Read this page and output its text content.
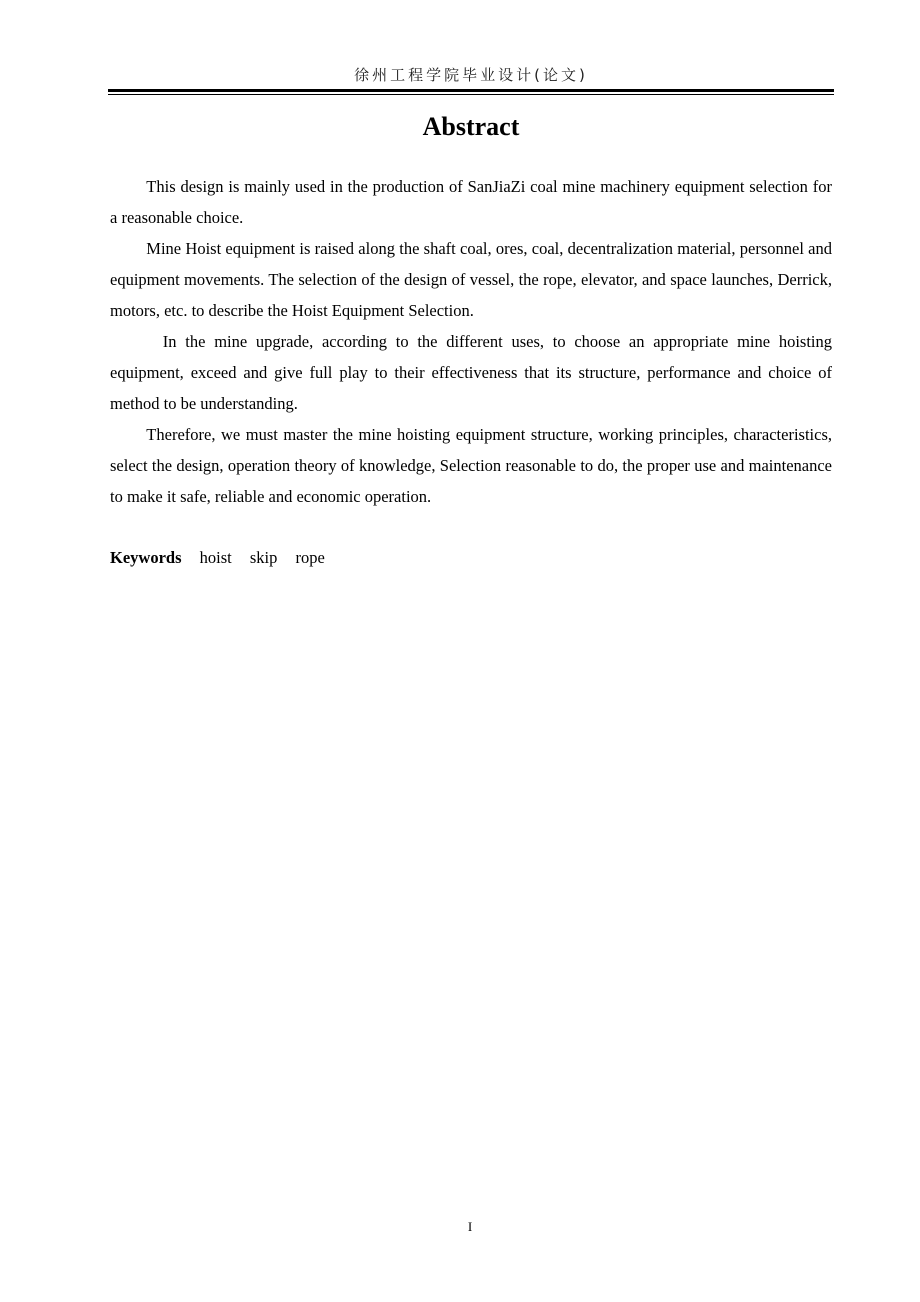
徐州工程学院毕业设计(论文)
Abstract

This design is mainly used in the production of SanJiaZi coal mine machinery equipment selection for a reasonable choice.

Mine Hoist equipment is raised along the shaft coal, ores, coal, decentralization material, personnel and equipment movements. The selection of the design of vessel, the rope, elevator, and space launches, Derrick, motors, etc. to describe the Hoist Equipment Selection.

In the mine upgrade, according to the different uses, to choose an appropriate mine hoisting equipment, exceed and give full play to their effectiveness that its structure, performance and choice of method to be understanding.

Therefore, we must master the mine hoisting equipment structure, working principles, characteristics, select the design, operation theory of knowledge, Selection reasonable to do, the proper use and maintenance to make it safe, reliable and economic operation.

Keywords hoist skip rope
I
